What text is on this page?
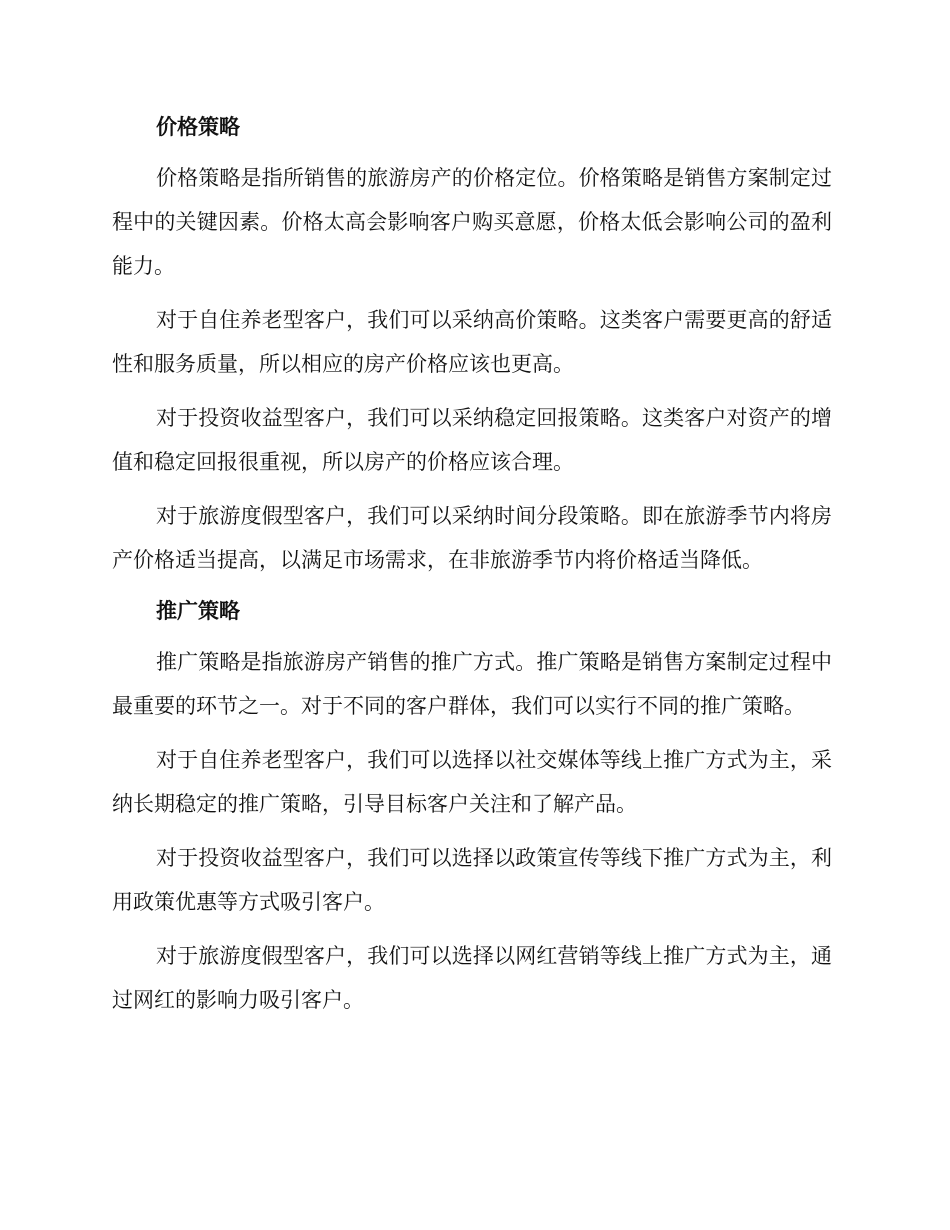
价格策略

价格策略是指所销售的旅游房产的价格定位。价格策略是销售方案制定过程中的关键因素。价格太高会影响客户购买意愿，价格太低会影响公司的盈利能力。

对于自住养老型客户，我们可以采纳高价策略。这类客户需要更高的舒适性和服务质量，所以相应的房产价格应该也更高。

对于投资收益型客户，我们可以采纳稳定回报策略。这类客户对资产的增值和稳定回报很重视，所以房产的价格应该合理。

对于旅游度假型客户，我们可以采纳时间分段策略。即在旅游季节内将房产价格适当提高，以满足市场需求，在非旅游季节内将价格适当降低。

推广策略

推广策略是指旅游房产销售的推广方式。推广策略是销售方案制定过程中最重要的环节之一。对于不同的客户群体，我们可以实行不同的推广策略。

对于自住养老型客户，我们可以选择以社交媒体等线上推广方式为主，采纳长期稳定的推广策略，引导目标客户关注和了解产品。

对于投资收益型客户，我们可以选择以政策宣传等线下推广方式为主，利用政策优惠等方式吸引客户。

对于旅游度假型客户，我们可以选择以网红营销等线上推广方式为主，通过网红的影响力吸引客户。
